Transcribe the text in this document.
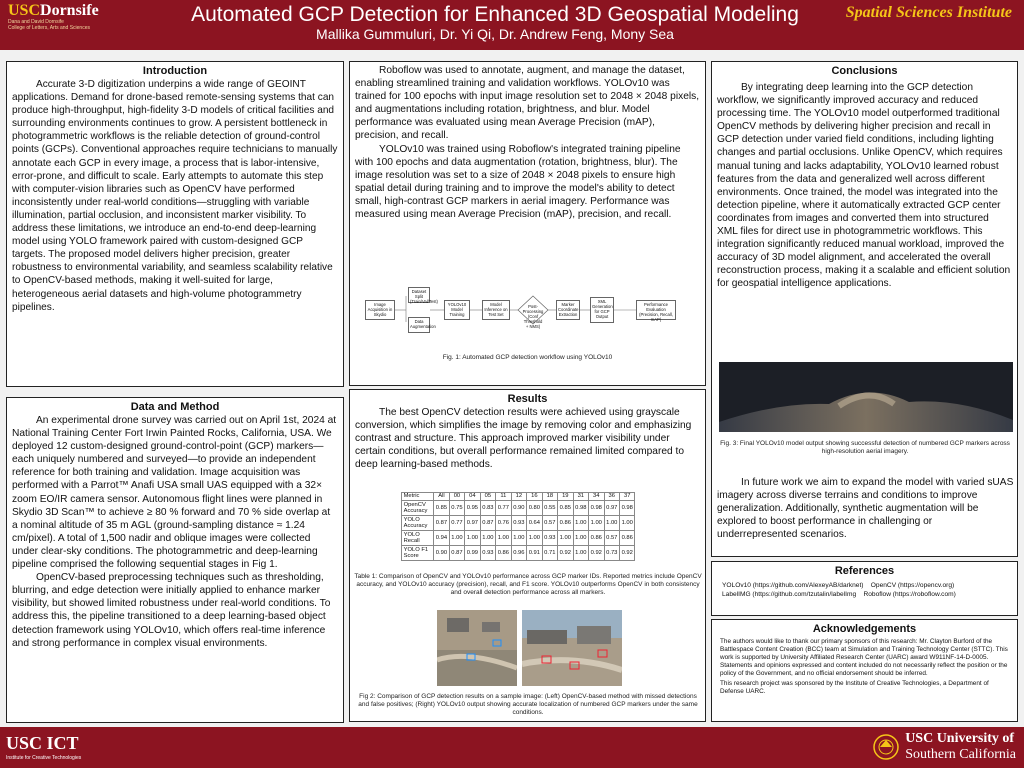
USCDornsife
Dana and David Dornsife
College of Letters, Arts and Sciences
Automated GCP Detection for Enhanced 3D Geospatial Modeling
Mallika Gummuluri, Dr. Yi Qi, Dr. Andrew Feng, Mony Sea
Spatial Sciences Institute
Introduction

Accurate 3-D digitization underpins a wide range of GEOINT applications. Demand for drone-based remote-sensing systems that can produce high-throughput, high-fidelity 3-D models of critical facilities and surrounding environments continues to grow. A persistent bottleneck in photogrammetric workflows is the reliable detection of ground-control points (GCPs). Conventional approaches require technicians to manually annotate each GCP in every image, a process that is labor-intensive, error-prone, and difficult to scale. Early attempts to automate this step with computer-vision libraries such as OpenCV have performed inconsistently under real-world conditions—struggling with variable illumination, partial occlusion, and inconsistent marker visibility. To address these limitations, we introduce an end-to-end deep-learning model using YOLO framework paired with custom-designed GCP targets. The proposed model delivers higher precision, greater robustness to environmental variability, and seamless scalability relative to OpenCV-based methods, making it well-suited for large, heterogeneous aerial datasets and high-volume photogrammetry pipelines.

Data and Method

An experimental drone survey was carried out on April 1st, 2024 at National Training Center Fort Irwin Painted Rocks, California, USA. We deployed 12 custom-designed ground-control-point (GCP) markers—each uniquely numbered and surveyed—to provide an independent reference for both training and validation. Image acquisition was performed with a Parrot™ Anafi USA small UAS equipped with a 32× zoom EO/IR camera sensor. Autonomous flight lines were planned in Skydio 3D Scan™ to achieve ≥ 80 % forward and 70 % side overlap at a nominal altitude of 35 m AGL (ground-sampling distance ≈ 1.24 cm/pixel). A total of 1,500 nadir and oblique images were collected under clear-sky conditions. The photogrammetric and deep-learning pipeline comprised the following sequential stages in Fig 1.

OpenCV-based preprocessing techniques such as thresholding, blurring, and edge detection were initially applied to enhance marker visibility, but showed limited robustness under real-world conditions. To address this, the pipeline transitioned to a deep learning-based object detection framework using YOLOv10, which offers real-time inference and strong performance in complex visual environments.

Roboflow was used to annotate, augment, and manage the dataset, enabling streamlined training and validation workflows. YOLOv10 was trained for 100 epochs with input image resolution set to 2048 × 2048 pixels, and augmentations including rotation, brightness, and blur. Model performance was evaluated using mean Average Precision (mAP), precision, and recall.

YOLOv10 was trained using Roboflow's integrated training pipeline with 100 epochs and data augmentation (rotation, brightness, blur). The image resolution was set to a size of 2048 × 2048 pixels to ensure high spatial detail during training and to improve the model's ability to detect small, high-contrast GCP markers in aerial imagery. Performance was measured using mean Average Precision (mAP), precision, and recall.

Fig. 1: Automated GCP detection workflow using YOLOv10

Image Acquisition in Skydio
Dataset Split (Train/Val/Test)
Data Augmentation
YOLOv10 Model Training
Model Inference on Test Set
Post-Processing (Conf Threshold + NMS)
Marker Coordinate Extraction
XML Generation for GCP Output
Performance Evaluation (Precision, Recall, mAP)
Results

The best OpenCV detection results were achieved using grayscale conversion, which simplifies the image by removing color and emphasizing contrast and structure. This approach improved marker visibility under certain conditions, but overall performance remained limited compared to deep learning-based methods.

Table 1: Comparison of OpenCV and YOLOv10 performance across GCP marker IDs. Reported metrics include OpenCV accuracy, and YOLOv10 accuracy (precision), recall, and F1 score. YOLOv10 outperforms OpenCV in both consistency and overall detection performance across all markers.

Fig 2: Comparison of GCP detection results on a sample image: (Left) OpenCV-based method with missed detections and false positives; (Right) YOLOv10 output showing accurate localization of numbered GCP markers under the same conditions.

Metric	All	00	04	05	11	12	16	18	19	31	34	36	37
OpenCV Accuracy	0.85	0.75	0.95	0.83	0.77	0.90	0.80	0.55	0.85	0.98	0.98	0.97	0.98
YOLO Accuracy	0.87	0.77	0.97	0.87	0.76	0.93	0.64	0.57	0.86	1.00	1.00	1.00	1.00
YOLO Recall	0.94	1.00	1.00	1.00	1.00	1.00	1.00	0.93	1.00	1.00	0.86	0.57	0.86
YOLO F1 Score	0.90	0.87	0.99	0.93	0.86	0.96	0.91	0.71	0.92	1.00	0.92	0.73	0.92
Conclusions

By integrating deep learning into the GCP detection workflow, we significantly improved accuracy and reduced processing time. The YOLOv10 model outperformed traditional OpenCV methods by delivering higher precision and recall in GCP detection under varied field conditions, including lighting changes and partial occlusions. Unlike OpenCV, which requires manual tuning and lacks adaptability, YOLOv10 learned robust features from the data and generalized well across different environments. Once trained, the model was integrated into the detection pipeline, where it automatically extracted GCP center coordinates from images and converted them into structured XML files for direct use in photogrammetric workflows. This integration significantly reduced manual workload, improved the accuracy of 3D model alignment, and accelerated the overall reconstruction process, making it a scalable and efficient solution for geospatial intelligence applications.

Fig. 3: Final YOLOv10 model output showing successful detection of numbered GCP markers across high-resolution aerial imagery.

In future work we aim to expand the model with varied sUAS imagery across diverse terrains and conditions to improve generalization. Additionally, synthetic augmentation will be explored to boost performance in challenging or underrepresented scenarios.

References

YOLOv10 (https://github.com/AlexeyAB/darknet) OpenCV (https://opencv.org)

LabelIMG (https://github.com/tzutalin/labelImg Roboflow (https://roboflow.com)

Acknowledgements

The authors would like to thank our primary sponsors of this research: Mr. Clayton Burford of the Battlespace Content Creation (BCC) team at Simulation and Training Technology Center (STTC). This work is supported by University Affiliated Research Center (UARC) award W911NF-14-D-0005. Statements and opinions expressed and content included do not necessarily reflect the position or the policy of the Government, and no official endorsement should be inferred.

This research project was sponsored by the Institute of Creative Technologies, a Department of Defense UARC.

USC ICT
Institute for Creative Technologies
USC University of
Southern California
